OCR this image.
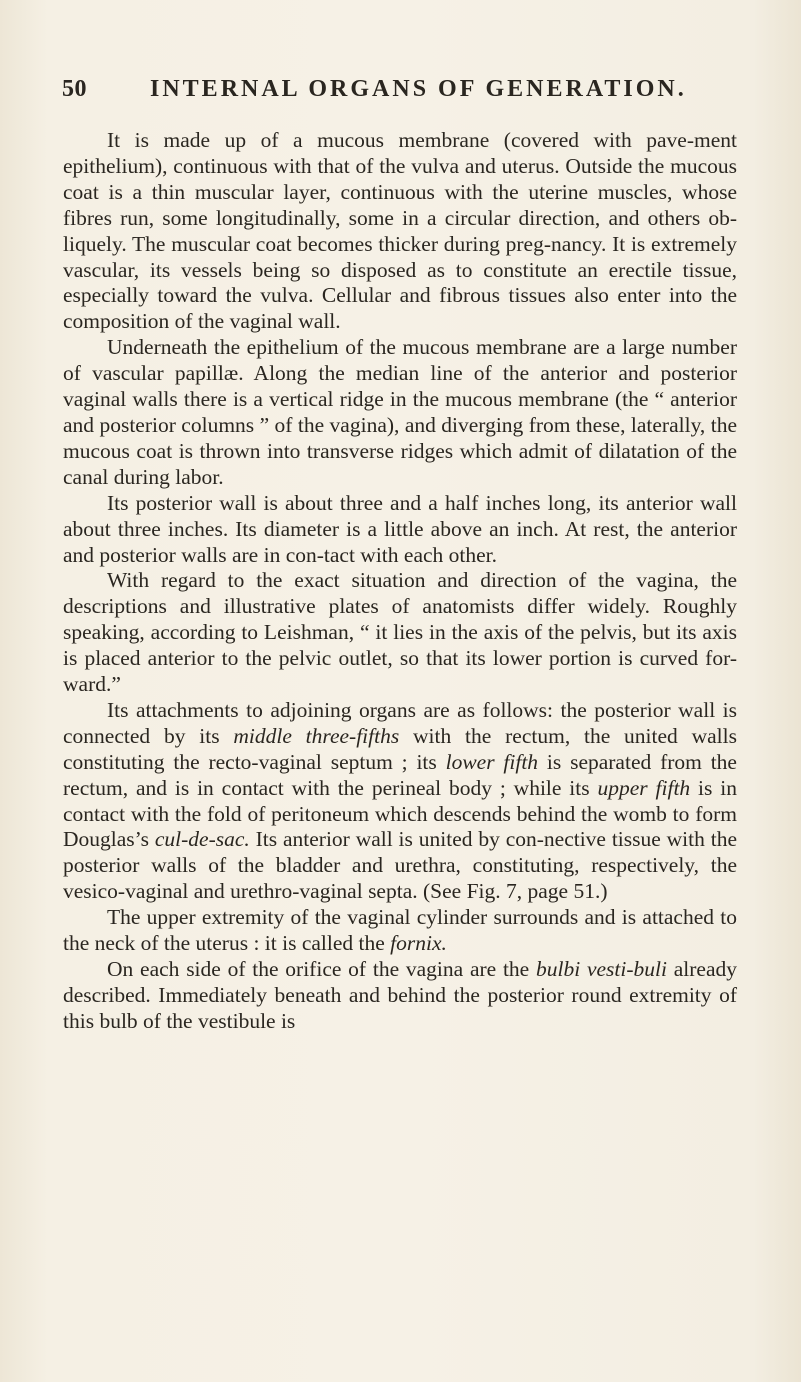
50	INTERNAL ORGANS OF GENERATION.

It is made up of a mucous membrane (covered with pave-ment epithelium), continuous with that of the vulva and uterus. Outside the mucous coat is a thin muscular layer, continuous with the uterine muscles, whose fibres run, some longitudinally, some in a circular direction, and others ob-liquely. The muscular coat becomes thicker during preg-nancy. It is extremely vascular, its vessels being so disposed as to constitute an erectile tissue, especially toward the vulva. Cellular and fibrous tissues also enter into the composition of the vaginal wall.

Underneath the epithelium of the mucous membrane are a large number of vascular papillæ. Along the median line of the anterior and posterior vaginal walls there is a vertical ridge in the mucous membrane (the “ anterior and posterior columns ” of the vagina), and diverging from these, laterally, the mucous coat is thrown into transverse ridges which admit of dilatation of the canal during labor.

Its posterior wall is about three and a half inches long, its anterior wall about three inches. Its diameter is a little above an inch. At rest, the anterior and posterior walls are in con-tact with each other.

With regard to the exact situation and direction of the vagina, the descriptions and illustrative plates of anatomists differ widely. Roughly speaking, according to Leishman, “ it lies in the axis of the pelvis, but its axis is placed anterior to the pelvic outlet, so that its lower portion is curved for-ward.”

Its attachments to adjoining organs are as follows: the posterior wall is connected by its middle three-fifths with the rectum, the united walls constituting the recto-vaginal septum ; its lower fifth is separated from the rectum, and is in contact with the perineal body ; while its upper fifth is in contact with the fold of peritoneum which descends behind the womb to form Douglas’s cul-de-sac. Its anterior wall is united by con-nective tissue with the posterior walls of the bladder and urethra, constituting, respectively, the vesico-vaginal and urethro-vaginal septa. (See Fig. 7, page 51.)

The upper extremity of the vaginal cylinder surrounds and is attached to the neck of the uterus : it is called the fornix.

On each side of the orifice of the vagina are the bulbi vesti-buli already described. Immediately beneath and behind the posterior round extremity of this bulb of the vestibule is
